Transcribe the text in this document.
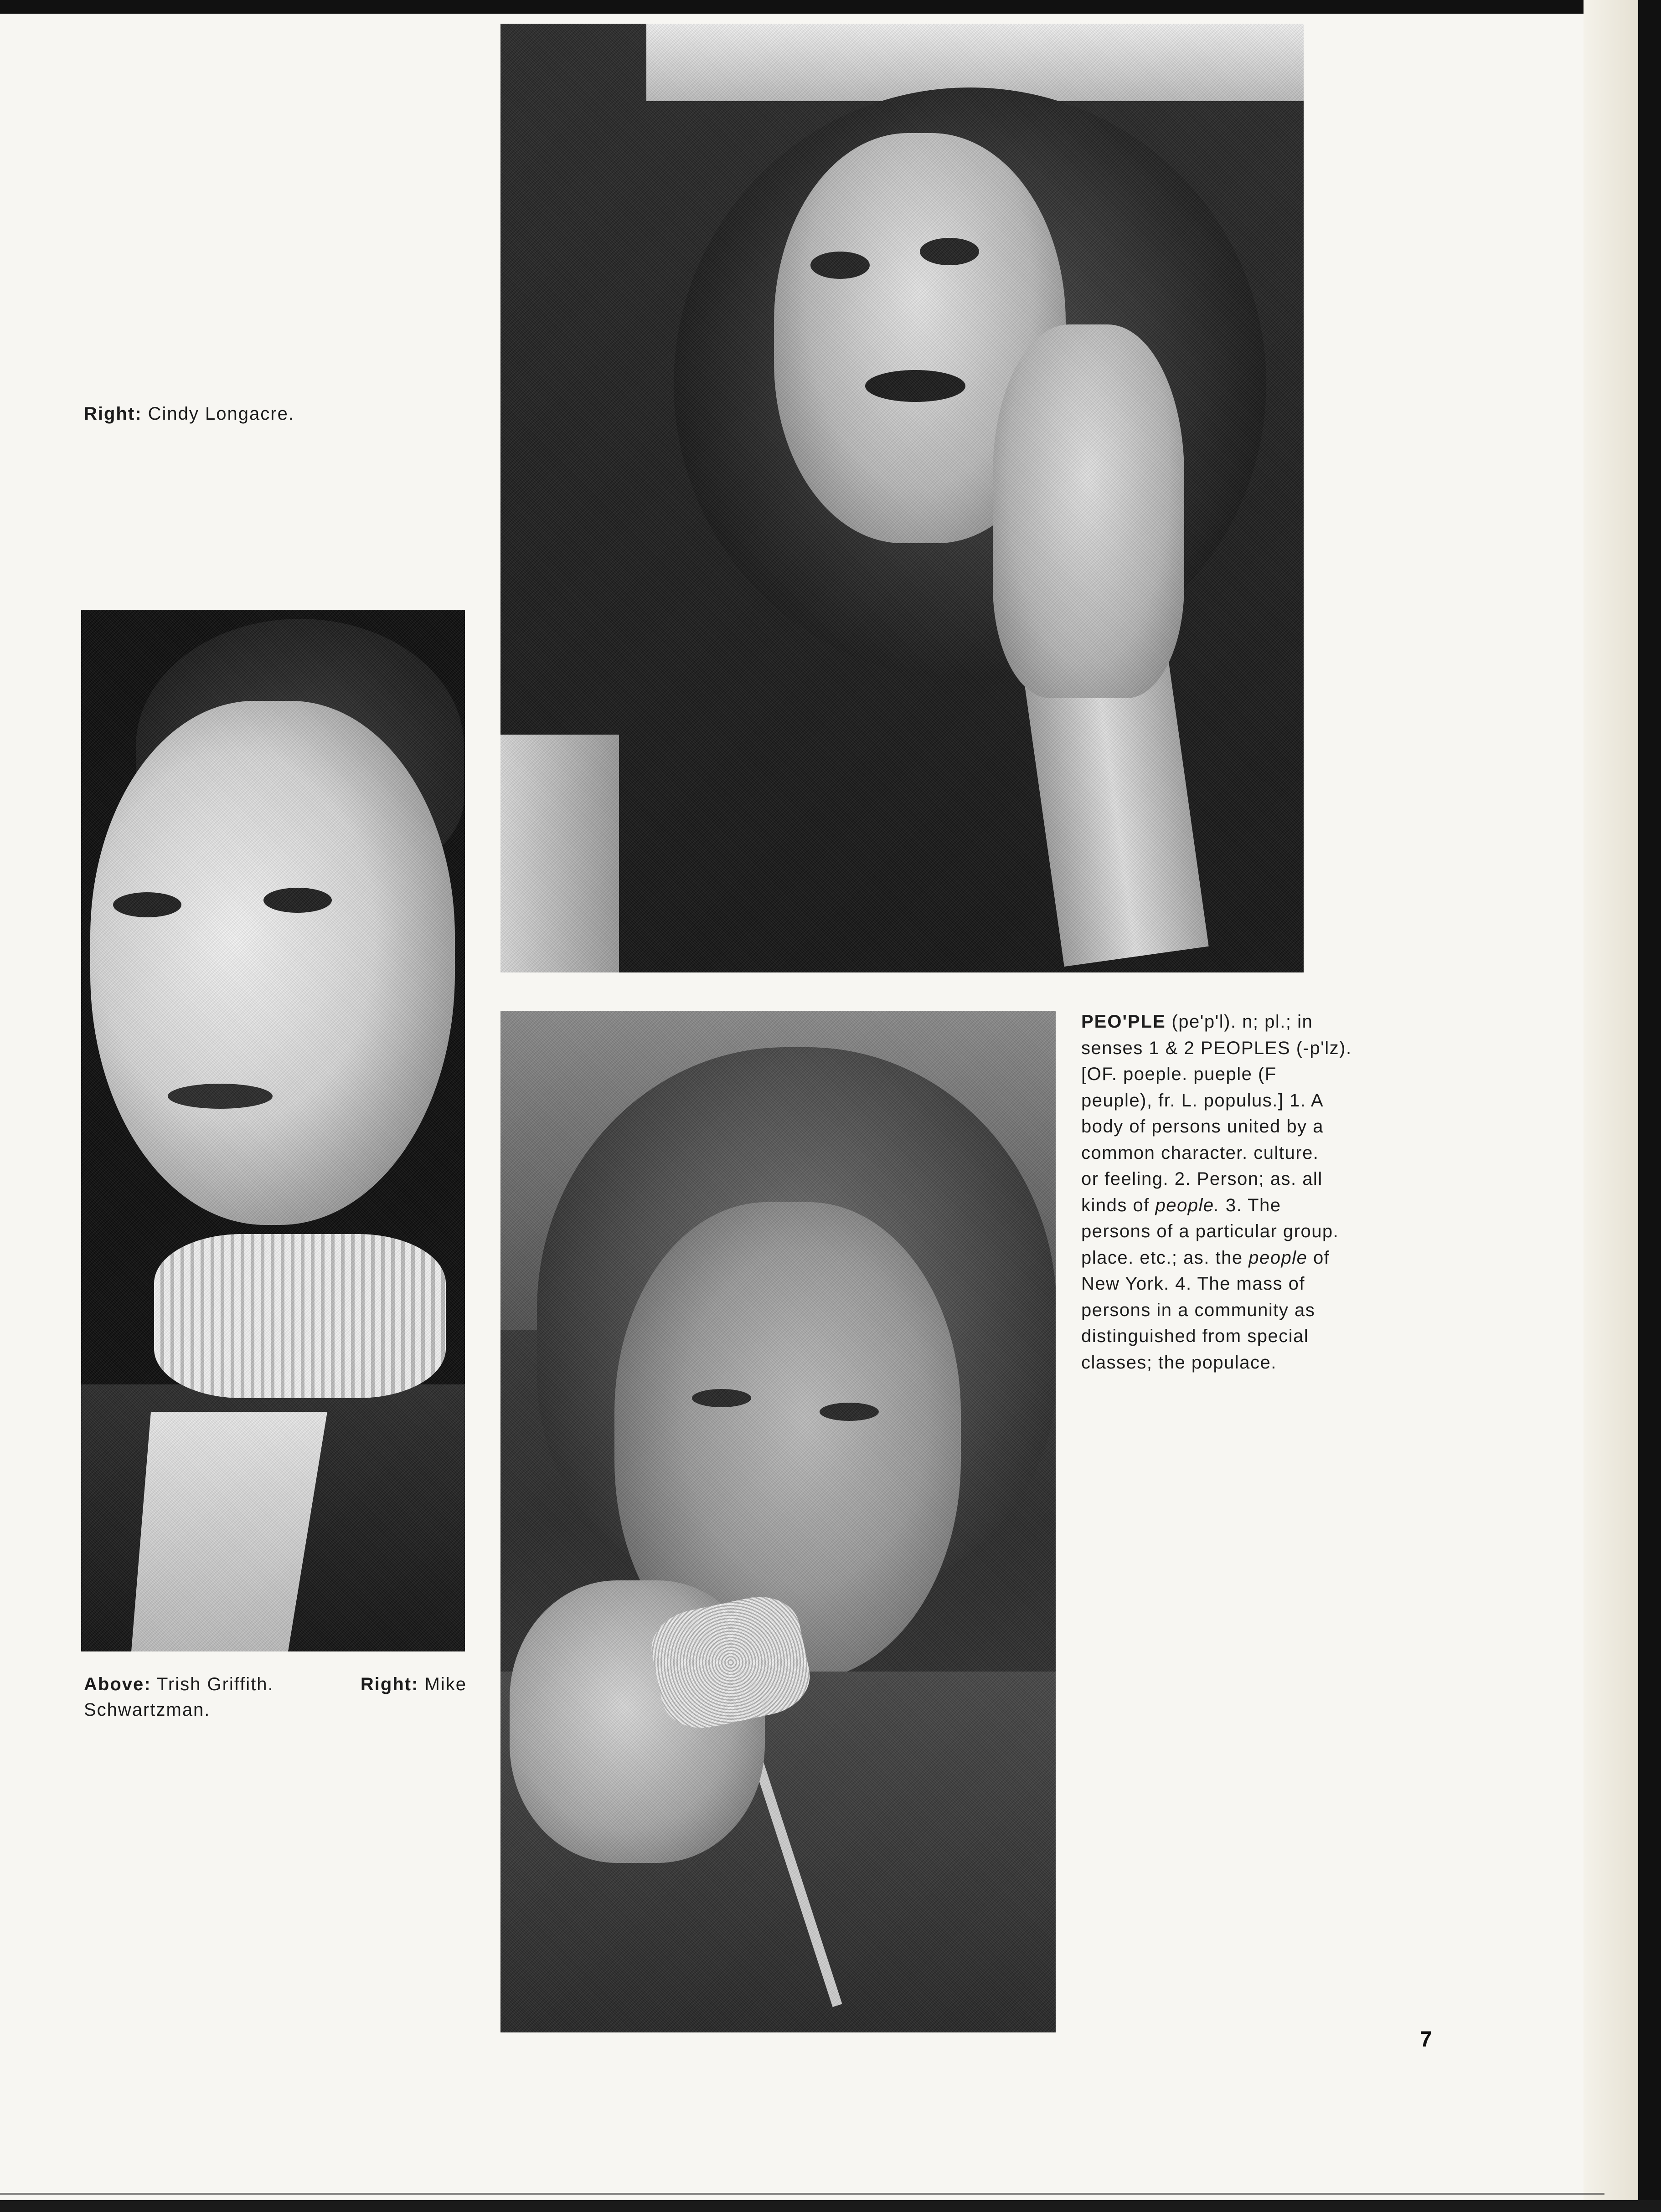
Right: Cindy Longacre.
Above: Trish Griffith.	Right: Mike
Schwartzman.
PEO'PLE (pe'p'l). n; pl.; in
senses 1 & 2 PEOPLES (-p'lz).
[OF. poeple. pueple (F
peuple), fr. L. populus.] 1. A
body of persons united by a
common character. culture.
or feeling. 2. Person; as. all
kinds of people. 3. The
persons of a particular group.
place. etc.; as. the people of
New York. 4. The mass of
persons in a community as
distinguished from special
classes; the populace.
7
